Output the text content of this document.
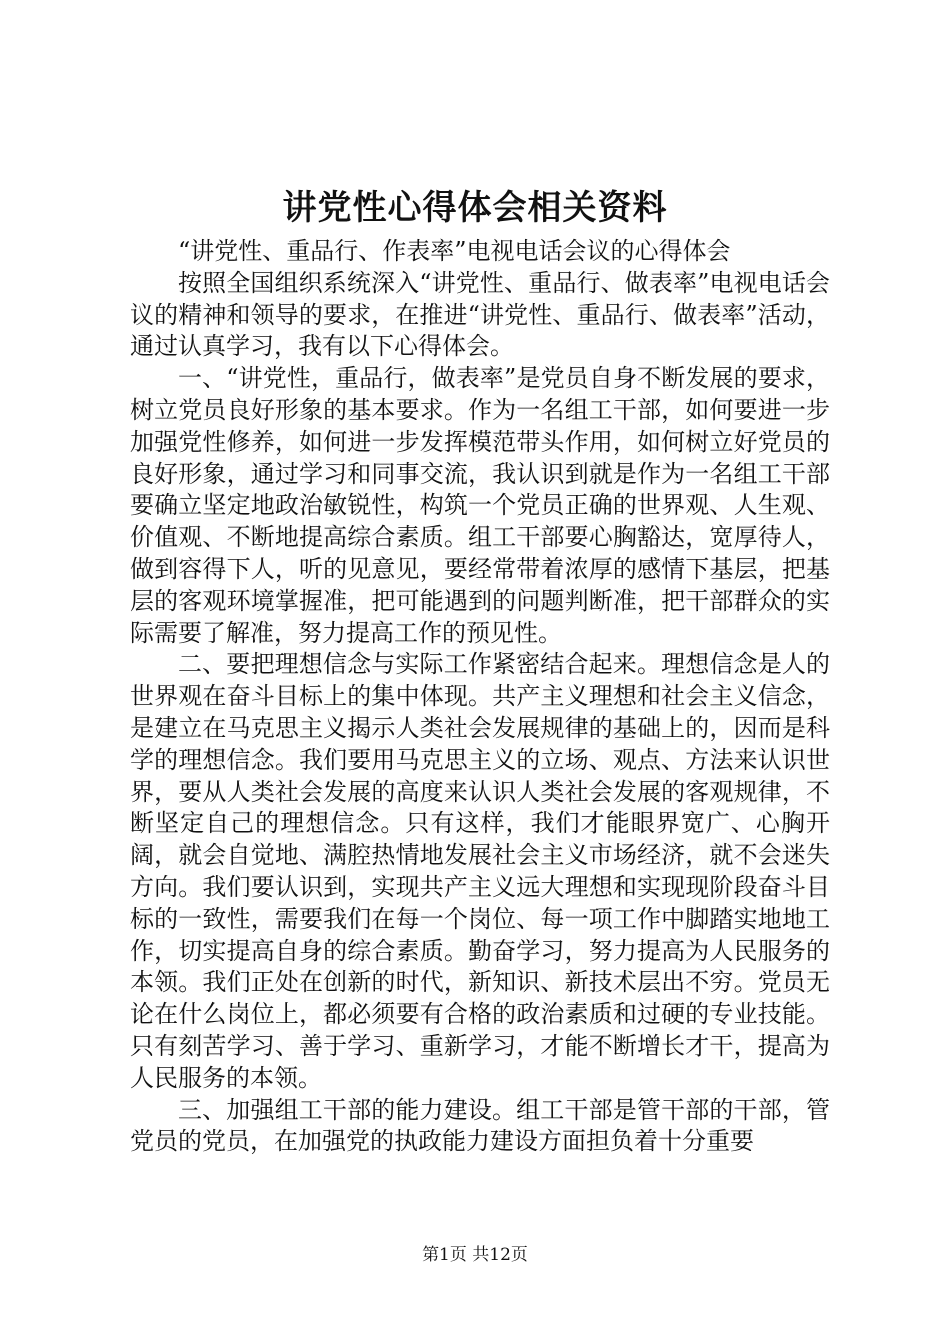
讲党性心得体会相关资料

“讲党性、重品行、作表率”电视电话会议的心得体会

按照全国组织系统深入“讲党性、重品行、做表率”电视电话会议的精神和领导的要求，在推进“讲党性、重品行、做表率”活动，通过认真学习，我有以下心得体会。

一、“讲党性，重品行，做表率”是党员自身不断发展的要求，树立党员良好形象的基本要求。作为一名组工干部，如何要进一步加强党性修养，如何进一步发挥模范带头作用，如何树立好党员的良好形象，通过学习和同事交流，我认识到就是作为一名组工干部要确立坚定地政治敏锐性，构筑一个党员正确的世界观、人生观、价值观、不断地提高综合素质。组工干部要心胸豁达，宽厚待人，做到容得下人，听的见意见，要经常带着浓厚的感情下基层，把基层的客观环境掌握准，把可能遇到的问题判断准，把干部群众的实际需要了解准，努力提高工作的预见性。

二、要把理想信念与实际工作紧密结合起来。理想信念是人的世界观在奋斗目标上的集中体现。共产主义理想和社会主义信念，是建立在马克思主义揭示人类社会发展规律的基础上的，因而是科学的理想信念。我们要用马克思主义的立场、观点、方法来认识世界，要从人类社会发展的高度来认识人类社会发展的客观规律，不断坚定自己的理想信念。只有这样，我们才能眼界宽广、心胸开阔，就会自觉地、满腔热情地发展社会主义市场经济，就不会迷失方向。我们要认识到，实现共产主义远大理想和实现现阶段奋斗目标的一致性，需要我们在每一个岗位、每一项工作中脚踏实地地工作，切实提高自身的综合素质。勤奋学习，努力提高为人民服务的本领。我们正处在创新的时代，新知识、新技术层出不穷。党员无论在什么岗位上，都必须要有合格的政治素质和过硬的专业技能。只有刻苦学习、善于学习、重新学习，才能不断增长才干，提高为人民服务的本领。

三、加强组工干部的能力建设。组工干部是管干部的干部，管党员的党员，在加强党的执政能力建设方面担负着十分重要

第1页 共12页
